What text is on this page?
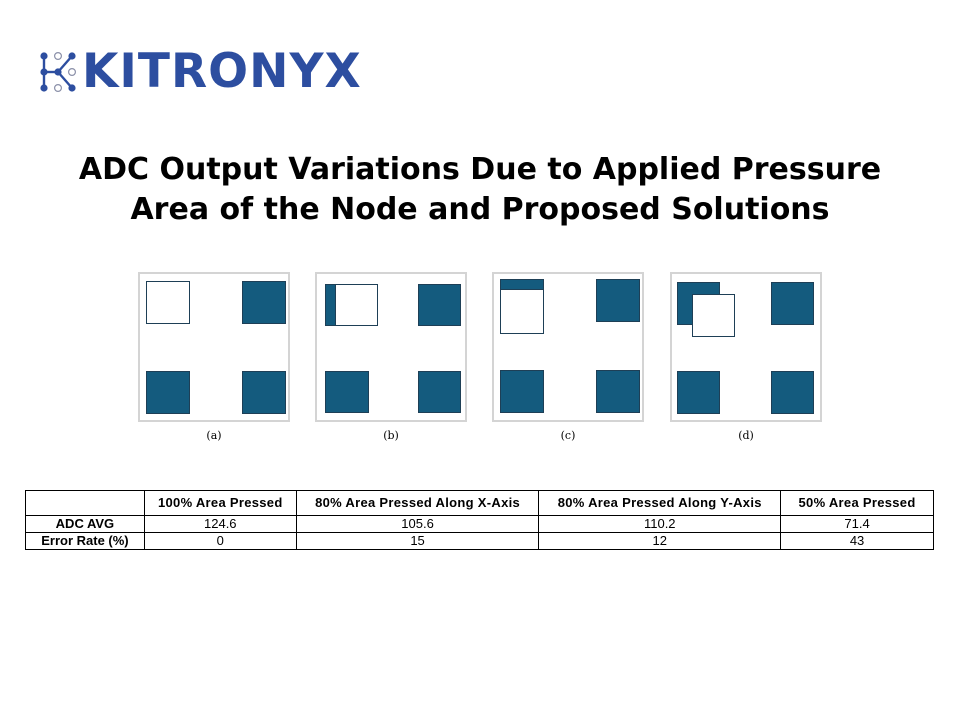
KITRONYX
ADC Output Variations Due to Applied Pressure
Area of the Node and Proposed Solutions
(a)	(b)	(c)	(d)
	100% Area Pressed	80% Area Pressed Along X-Axis	80% Area Pressed Along Y-Axis	50% Area Pressed
ADC AVG	124.6	105.6	110.2	71.4
Error Rate (%)	0	15	12	43
